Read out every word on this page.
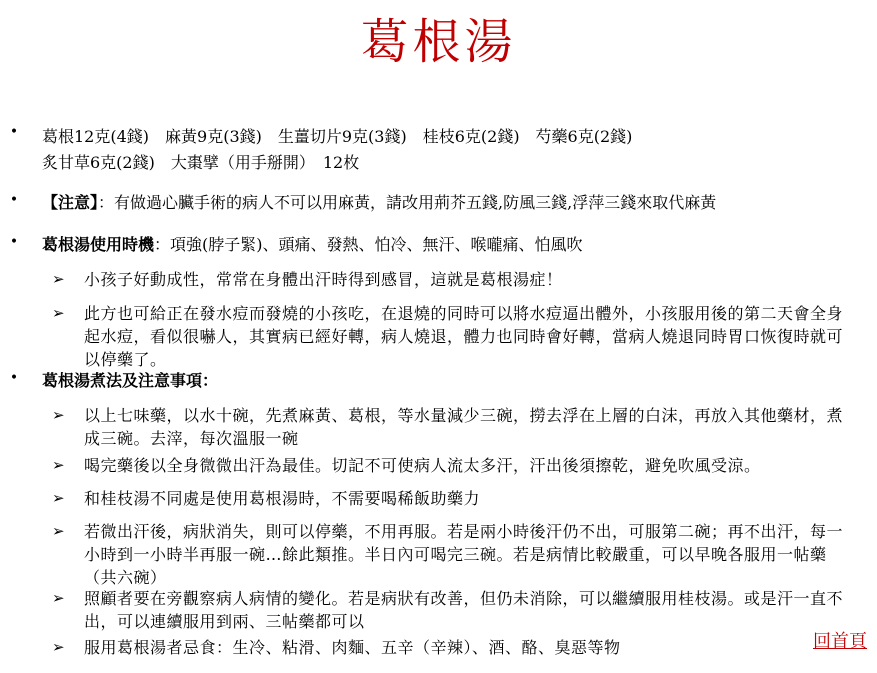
葛根湯
• 葛根12克(4錢)　麻黃9克(3錢)　生薑切片9克(3錢)　桂枝6克(2錢)　芍藥6克(2錢)
炙甘草6克(2錢)　大棗擘（用手掰開）　12枚
• 【注意】：有做過心臟手術的病人不可以用麻黃，請改用荊芥五錢,防風三錢,浮萍三錢來取代麻黃
• 葛根湯使用時機：項強(脖子緊)、頭痛、發熱、怕冷、無汗、喉嚨痛、怕風吹
➢ 小孩子好動成性，常常在身體出汗時得到感冒，這就是葛根湯症！
➢ 此方也可給正在發水痘而發燒的小孩吃，在退燒的同時可以將水痘逼出體外，小孩服用後的第二天會全身起水痘，看似很嚇人，其實病已經好轉，病人燒退，體力也同時會好轉，當病人燒退同時胃口恢復時就可以停藥了。
• 葛根湯煮法及注意事項：
➢ 以上七味藥，以水十碗，先煮麻黃、葛根，等水量減少三碗，撈去浮在上層的白沫，再放入其他藥材，煮成三碗。去滓，每次溫服一碗
➢ 喝完藥後以全身微微出汗為最佳。切記不可使病人流太多汗，汗出後須擦乾，避免吹風受涼。
➢ 和桂枝湯不同處是使用葛根湯時，不需要喝稀飯助藥力
➢ 若微出汗後，病狀消失，則可以停藥，不用再服。若是兩小時後汗仍不出，可服第二碗；再不出汗，每一小時到一小時半再服一碗…餘此類推。半日內可喝完三碗。若是病情比較嚴重，可以早晚各服用一帖藥（共六碗）
➢ 照顧者要在旁觀察病人病情的變化。若是病狀有改善，但仍未消除，可以繼續服用桂枝湯。或是汗一直不出，可以連續服用到兩、三帖藥都可以
➢ 服用葛根湯者忌食：生冷、粘滑、肉麵、五辛（辛辣）、酒、酪、臭惡等物	回首頁
